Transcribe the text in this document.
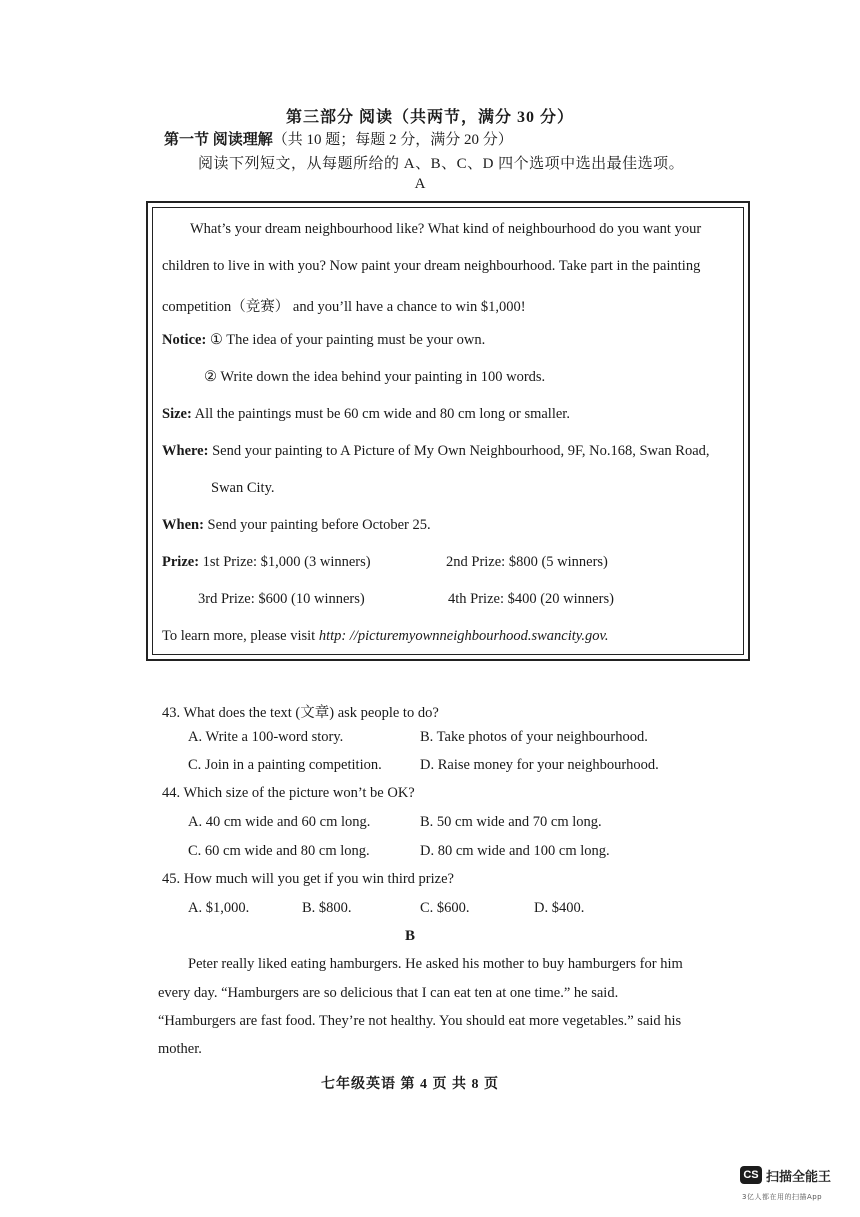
第三部分 阅读（共两节，满分 30 分）
第一节 阅读理解（共 10 题；每题 2 分，满分 20 分）
阅读下列短文，从每题所给的 A、B、C、D 四个选项中选出最佳选项。
A
What’s your dream neighbourhood like? What kind of neighbourhood do you want your
children to live in with you? Now paint your dream neighbourhood. Take part in the painting
competition（竞赛） and you’ll have a chance to win $1,000!
Notice: ① The idea of your painting must be your own.
② Write down the idea behind your painting in 100 words.
Size: All the paintings must be 60 cm wide and 80 cm long or smaller.
Where: Send your painting to A Picture of My Own Neighbourhood, 9F, No.168, Swan Road,
Swan City.
When: Send your painting before October 25.
Prize: 1st Prize: $1,000 (3 winners)	2nd Prize: $800 (5 winners)
3rd Prize: $600 (10 winners)	4th Prize: $400 (20 winners)
To learn more, please visit http: //picturemyownneighbourhood.swancity.gov.
43. What does the text (文章) ask people to do?
A. Write a 100-word story.	B. Take photos of your neighbourhood.
C. Join in a painting competition.	D. Raise money for your neighbourhood.
44. Which size of the picture won’t be OK?
A. 40 cm wide and 60 cm long.	B. 50 cm wide and 70 cm long.
C. 60 cm wide and 80 cm long.	D. 80 cm wide and 100 cm long.
45. How much will you get if you win third prize?
A. $1,000.	B. $800.	C. $600.	D. $400.
B
Peter really liked eating hamburgers. He asked his mother to buy hamburgers for him
every day. “Hamburgers are so delicious that I can eat ten at one time.” he said.
“Hamburgers are fast food. They’re not healthy. You should eat more vegetables.” said his
mother.
七年级英语 第 4 页 共 8 页
CS 扫描全能王
3亿人都在用的扫描App
